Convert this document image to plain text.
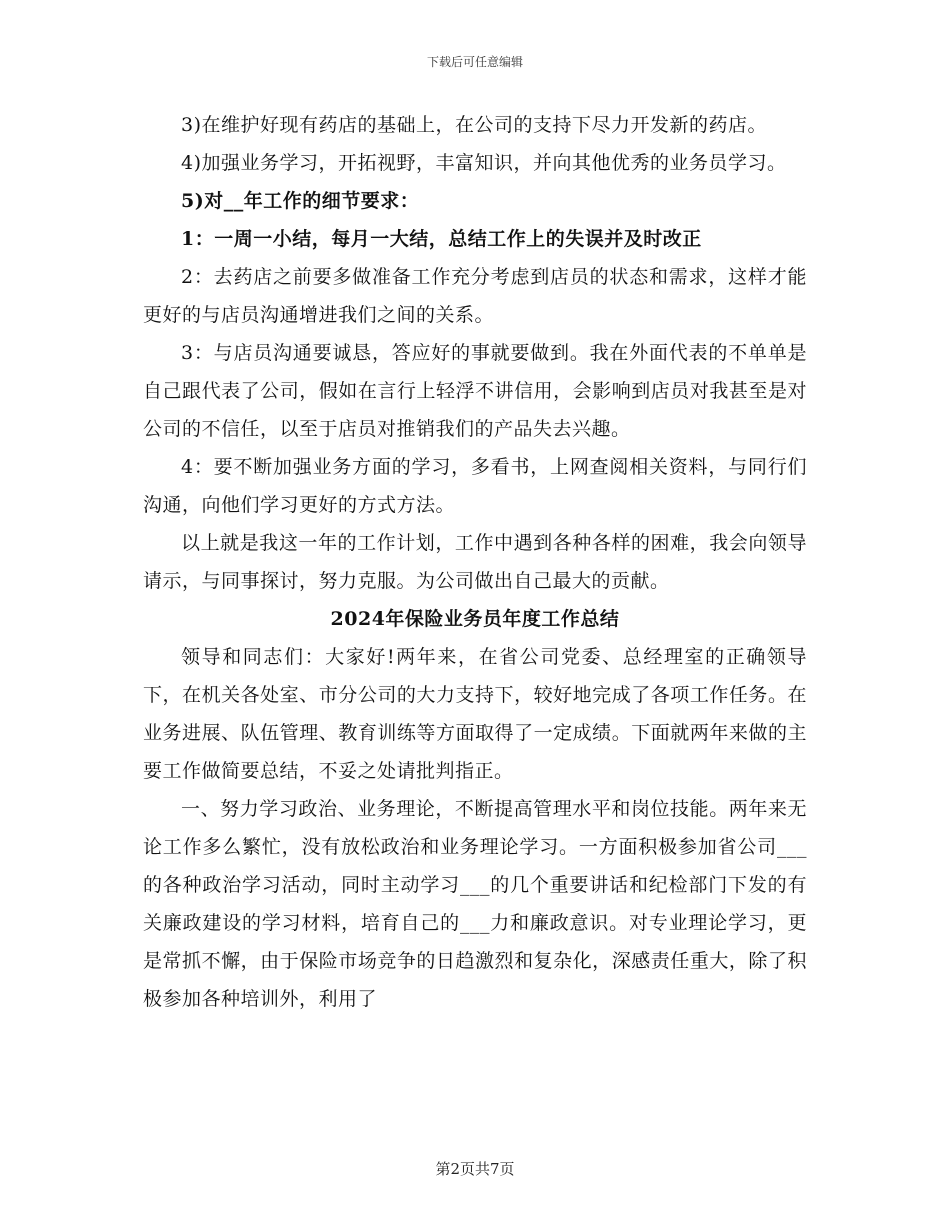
下载后可任意编辑

3)在维护好现有药店的基础上，在公司的支持下尽力开发新的药店。

4)加强业务学习，开拓视野，丰富知识，并向其他优秀的业务员学习。

5)对__年工作的细节要求：

1：一周一小结，每月一大结，总结工作上的失误并及时改正

2：去药店之前要多做准备工作充分考虑到店员的状态和需求，这样才能更好的与店员沟通增进我们之间的关系。

3：与店员沟通要诚恳，答应好的事就要做到。我在外面代表的不单单是自己跟代表了公司，假如在言行上轻浮不讲信用，会影响到店员对我甚至是对公司的不信任，以至于店员对推销我们的产品失去兴趣。

4：要不断加强业务方面的学习，多看书，上网查阅相关资料，与同行们沟通，向他们学习更好的方式方法。

以上就是我这一年的工作计划，工作中遇到各种各样的困难，我会向领导请示，与同事探讨，努力克服。为公司做出自己最大的贡献。

2024年保险业务员年度工作总结

领导和同志们：大家好!两年来，在省公司党委、总经理室的正确领导下，在机关各处室、市分公司的大力支持下，较好地完成了各项工作任务。在业务进展、队伍管理、教育训练等方面取得了一定成绩。下面就两年来做的主要工作做简要总结，不妥之处请批判指正。

一、努力学习政治、业务理论，不断提高管理水平和岗位技能。两年来无论工作多么繁忙，没有放松政治和业务理论学习。一方面积极参加省公司___的各种政治学习活动，同时主动学习___的几个重要讲话和纪检部门下发的有关廉政建设的学习材料，培育自己的___力和廉政意识。对专业理论学习，更是常抓不懈，由于保险市场竞争的日趋激烈和复杂化，深感责任重大，除了积极参加各种培训外，利用了

第2页共7页
